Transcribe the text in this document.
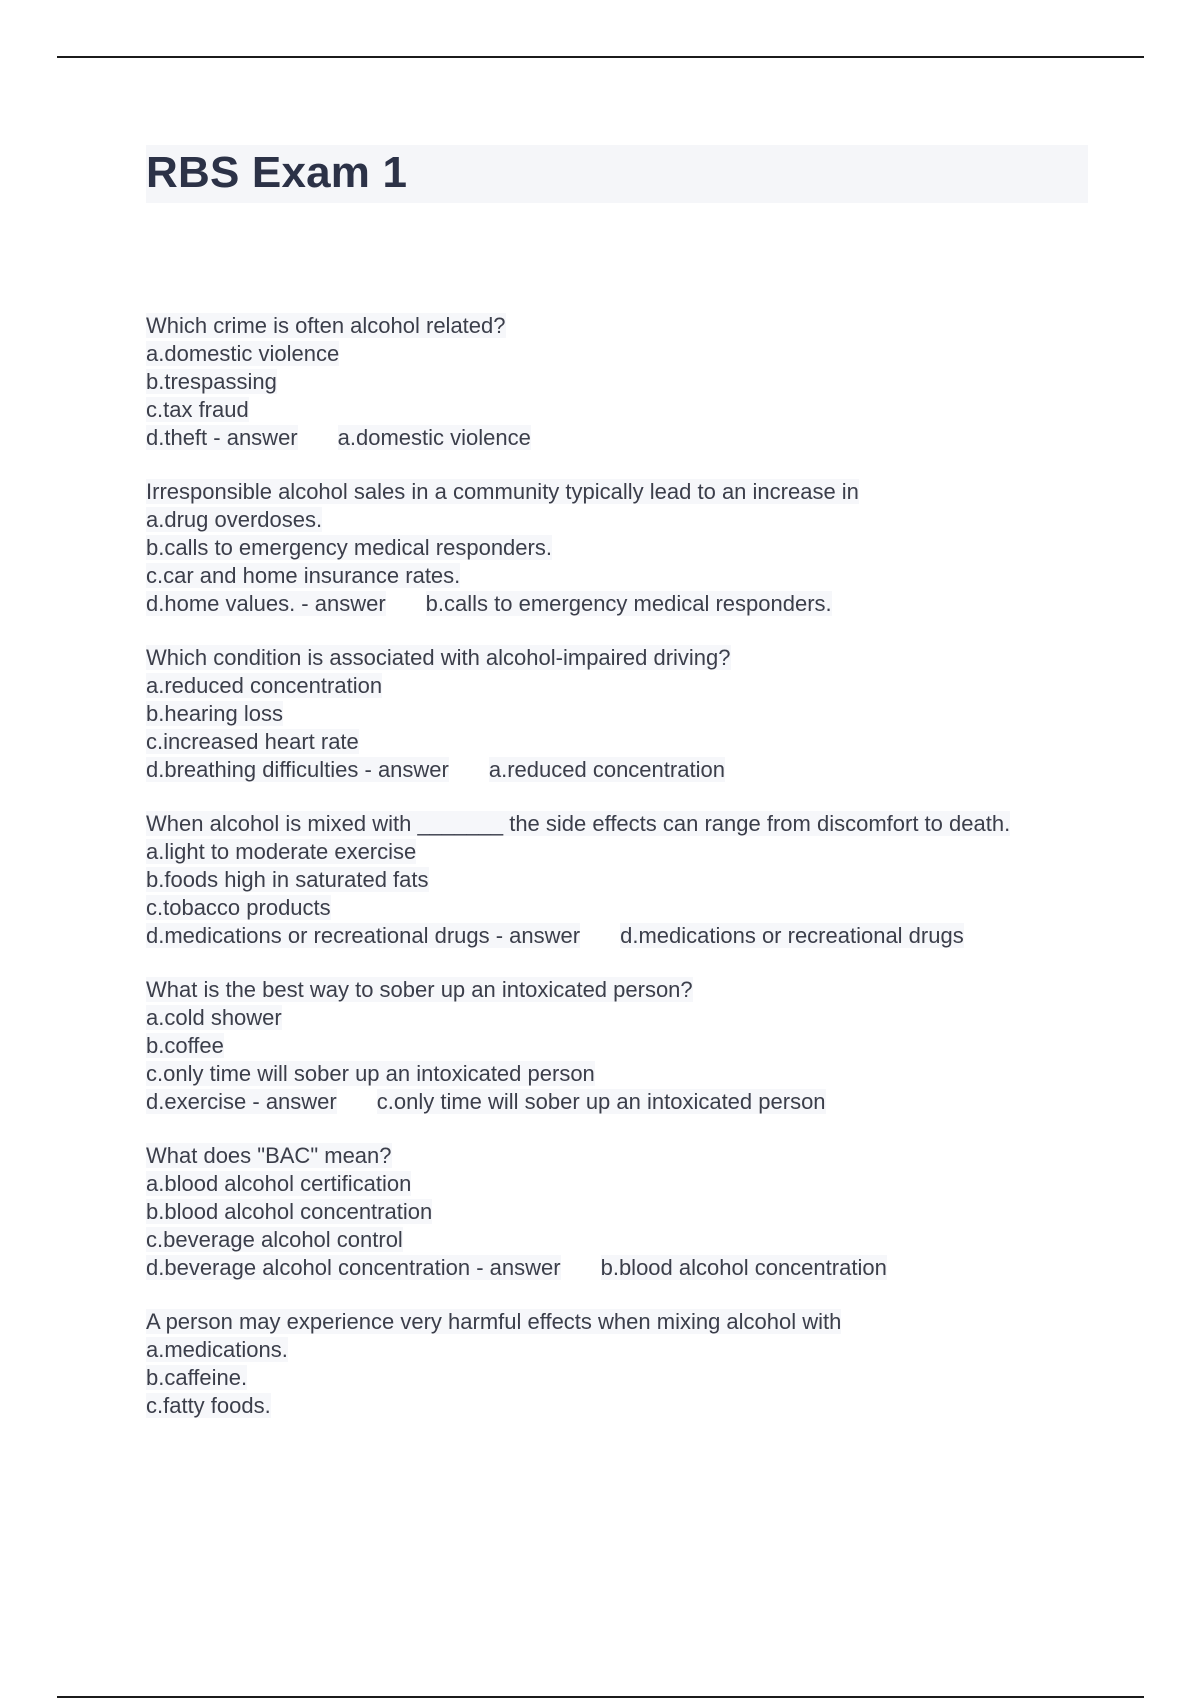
RBS Exam 1
Which crime is often alcohol related?
a.domestic violence
b.trespassing
c.tax fraud
d.theft - answer a.domestic violence
Irresponsible alcohol sales in a community typically lead to an increase in
a.drug overdoses.
b.calls to emergency medical responders.
c.car and home insurance rates.
d.home values. - answer b.calls to emergency medical responders.
Which condition is associated with alcohol-impaired driving?
a.reduced concentration
b.hearing loss
c.increased heart rate
d.breathing difficulties - answer a.reduced concentration
When alcohol is mixed with _______ the side effects can range from discomfort to death.
a.light to moderate exercise
b.foods high in saturated fats
c.tobacco products
d.medications or recreational drugs - answer d.medications or recreational drugs
What is the best way to sober up an intoxicated person?
a.cold shower
b.coffee
c.only time will sober up an intoxicated person
d.exercise - answer c.only time will sober up an intoxicated person
What does "BAC" mean?
a.blood alcohol certification
b.blood alcohol concentration
c.beverage alcohol control
d.beverage alcohol concentration - answer b.blood alcohol concentration
A person may experience very harmful effects when mixing alcohol with
a.medications.
b.caffeine.
c.fatty foods.
